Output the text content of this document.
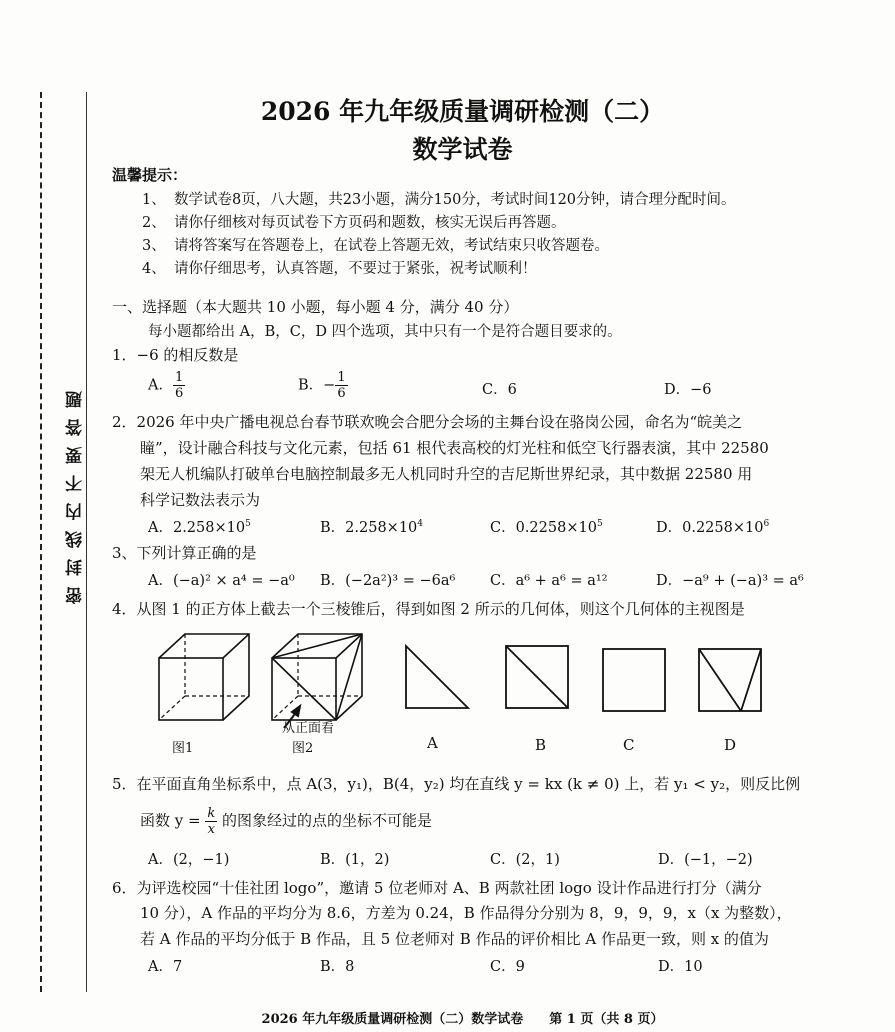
密封线内不要答题
2026 年九年级质量调研检测（二）
数学试卷
温馨提示：
1、 数学试卷8页，八大题，共23小题，满分150分，考试时间120分钟，请合理分配时间。
2、 请你仔细核对每页试卷下方页码和题数，核实无误后再答题。
3、 请将答案写在答题卷上，在试卷上答题无效，考试结束只收答题卷。
4、 请你仔细思考，认真答题，不要过于紧张，祝考试顺利！
一、选择题（本大题共 10 小题，每小题 4 分，满分 40 分）
每小题都给出 A，B，C，D 四个选项，其中只有一个是符合题目要求的。
1．−6 的相反数是
A． $\frac{1}{6}$	B．− $\frac{1}{6}$	C．6	D．−6
2．2026 年中央广播电视总台春节联欢晚会合肥分会场的主舞台设在骆岗公园，命名为“皖美之
瞳”，设计融合科技与文化元素，包括 61 根代表高校的灯光柱和低空飞行器表演，其中 22580
架无人机编队打破单台电脑控制最多无人机同时升空的吉尼斯世界纪录，其中数据 22580 用
科学记数法表示为
A．$2.258\times 10^5$	B．$2.258\times 10^4$	C．$0.2258\times 10^5$	D．$0.2258\times 10^6$
3、下列计算正确的是
A．(−a)² × a⁴ = −a⁰ B．(−2a²)³ = −6a⁶ C．a⁶ + a⁶ = a¹²	D．−a⁹ + (−a)³ = a⁶
4．从图 1 的正方体上截去一个三棱锥后，得到如图 2 所示的几何体，则这个几何体的主视图是
图1
从正面看
图2	A	B	C	D
5．在平面直角坐标系中，点 A(3，y₁)，B(4，y₂) 均在直线 y = kx (k ≠ 0) 上，若 y₁ < y₂，则反比例
函数 $y = \frac{k}{x}$ 的图象经过的点的坐标不可能是
A．(2，−1)	B．(1，2)	C．(2，1)	D．(−1，−2)
6．为评选校园“十佳社团 logo”，邀请 5 位老师对 A、B 两款社团 logo 设计作品进行打分（满分
10 分），A 作品的平均分为 8.6，方差为 0.24，B 作品得分分别为 8，9，9，9，x（x 为整数），
若 A 作品的平均分低于 B 作品，且 5 位老师对 B 作品的评价相比 A 作品更一致，则 x 的值为
A．7	B．8	C．9	D．10
2026 年九年级质量调研检测（二）数学试卷　　第 1 页（共 8 页）
